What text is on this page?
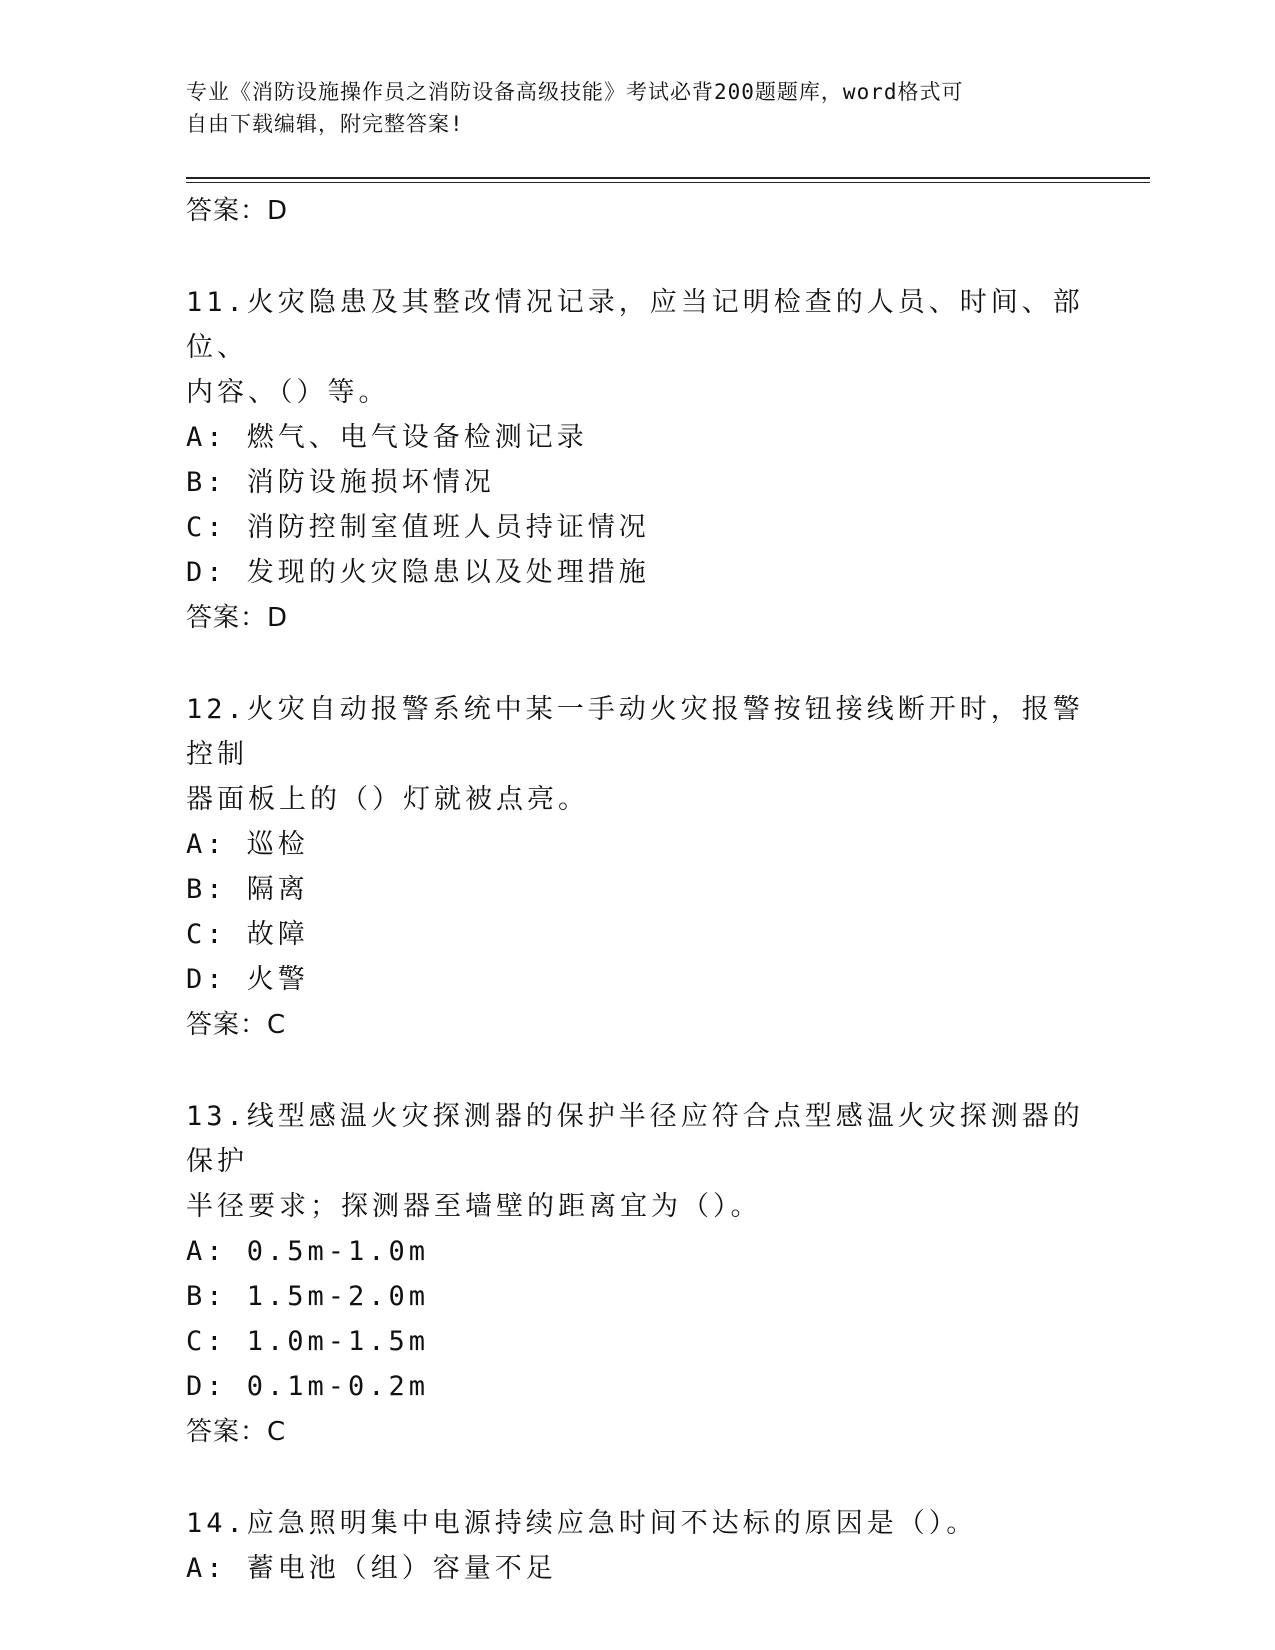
专业《消防设施操作员之消防设备高级技能》考试必背200题题库，word格式可
自由下载编辑，附完整答案!
答案：D
11.火灾隐患及其整改情况记录，应当记明检查的人员、时间、部位、
内容、（）等。
A: 燃气、电气设备检测记录
B: 消防设施损坏情况
C: 消防控制室值班人员持证情况
D: 发现的火灾隐患以及处理措施
答案：D
12.火灾自动报警系统中某一手动火灾报警按钮接线断开时，报警控制
器面板上的（）灯就被点亮。
A: 巡检
B: 隔离
C: 故障
D: 火警
答案：C
13.线型感温火灾探测器的保护半径应符合点型感温火灾探测器的保护
半径要求；探测器至墙壁的距离宜为（）。
A: 0.5m-1.0m
B: 1.5m-2.0m
C: 1.0m-1.5m
D: 0.1m-0.2m
答案：C
14.应急照明集中电源持续应急时间不达标的原因是（）。
A: 蓄电池（组）容量不足
